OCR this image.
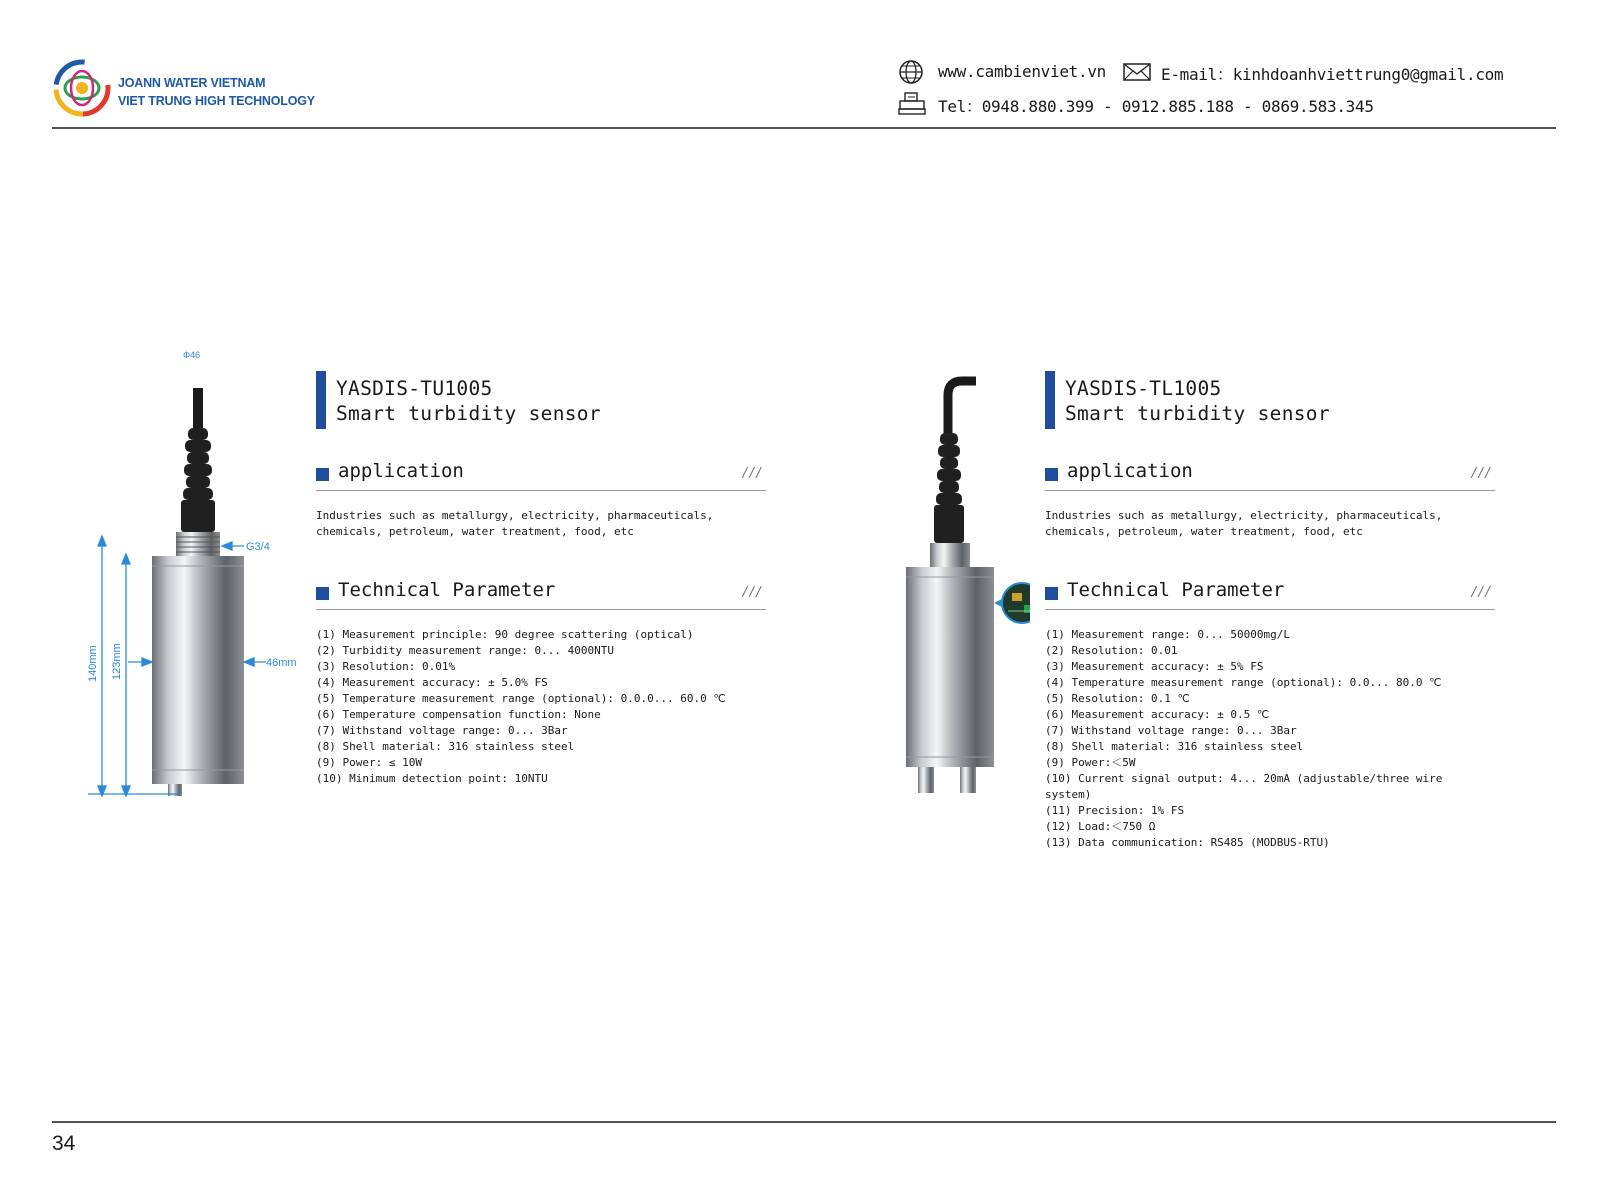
JOANN WATER VIETNAM
VIET TRUNG HIGH TECHNOLOGY
www.cambienviet.vn	E-mail：kinhdoanhviettrung0@gmail.com
Tel：0948.880.399 - 0912.885.188 - 0869.583.345
Φ46
G3/4
46mm
140mm 123mm
YASDIS-TU1005
Smart turbidity sensor
application	///
Industries such as metallurgy, electricity, pharmaceuticals, chemicals, petroleum, water treatment, food, etc
Technical Parameter	///
(1) Measurement principle: 90 degree scattering (optical)
(2) Turbidity measurement range: 0... 4000NTU
(3) Resolution: 0.01%
(4) Measurement accuracy: ± 5.0% FS
(5) Temperature measurement range (optional): 0.0.0... 60.0 ℃
(6) Temperature compensation function: None
(7) Withstand voltage range: 0... 3Bar
(8) Shell material: 316 stainless steel
(9) Power: ≤ 10W
(10) Minimum detection point: 10NTU
YASDIS-TL1005
Smart turbidity sensor
application	///
Industries such as metallurgy, electricity, pharmaceuticals, chemicals, petroleum, water treatment, food, etc
Technical Parameter	///
(1) Measurement range: 0... 50000mg/L
(2) Resolution: 0.01
(3) Measurement accuracy: ± 5% FS
(4) Temperature measurement range (optional): 0.0... 80.0 ℃
(5) Resolution: 0.1 ℃
(6) Measurement accuracy: ± 0.5 ℃
(7) Withstand voltage range: 0... 3Bar
(8) Shell material: 316 stainless steel
(9) Power:＜5W
(10) Current signal output: 4... 20mA (adjustable/three wire system)
(11) Precision: 1% FS
(12) Load:＜750 Ω
(13) Data communication: RS485 (MODBUS-RTU)
34
